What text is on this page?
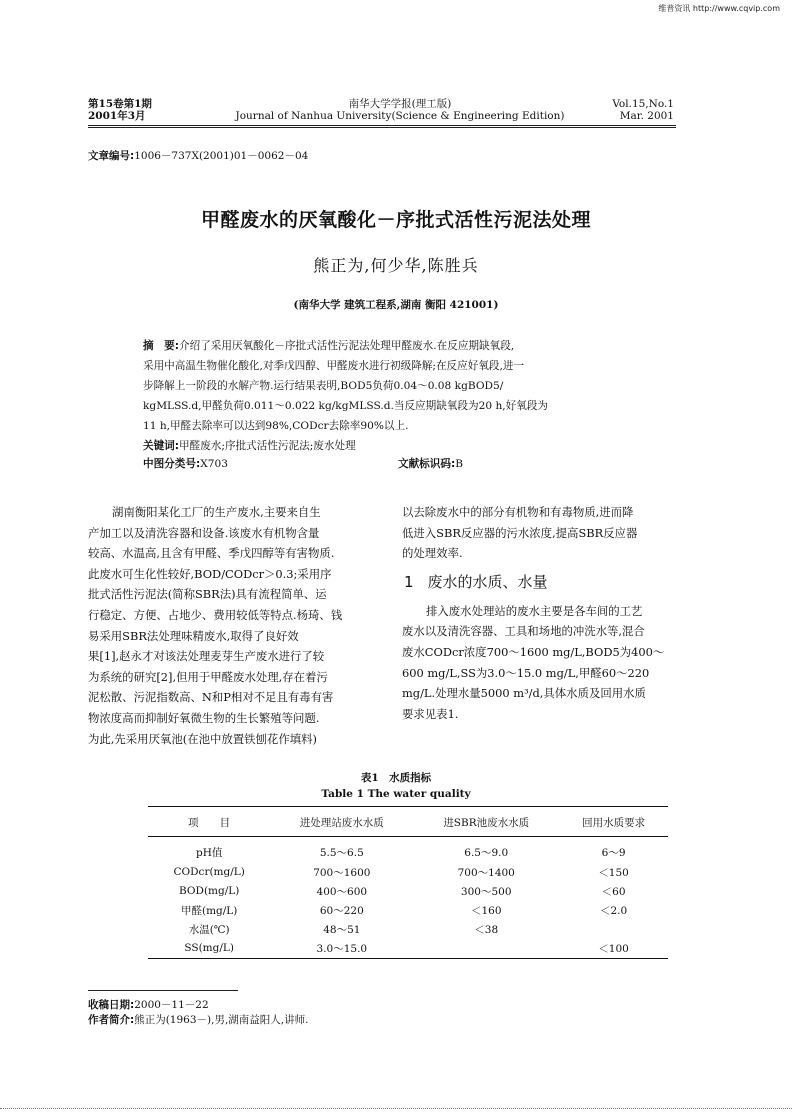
维普资讯 http://www.cqvip.com
第15卷第1期
2001年3月
南华大学学报(理工版)
Journal of Nanhua University(Science & Engineering Edition)
Vol.15,No.1
Mar. 2001
文章编号:1006－737X(2001)01－0062－04
甲醛废水的厌氧酸化－序批式活性污泥法处理
熊正为,何少华,陈胜兵
(南华大学 建筑工程系,湖南 衡阳 421001)
摘　要:介绍了采用厌氧酸化－序批式活性污泥法处理甲醛废水.在反应期缺氧段,
采用中高温生物催化酸化,对季戊四醇、甲醛废水进行初级降解;在反应好氧段,进一
步降解上一阶段的水解产物.运行结果表明,BOD5负荷0.04～0.08 kgBOD5/
kgMLSS.d,甲醛负荷0.011～0.022 kg/kgMLSS.d.当反应期缺氧段为20 h,好氧段为
11 h,甲醛去除率可以达到98%,CODcr去除率90%以上.
关键词:甲醛废水;序批式活性污泥法;废水处理
中图分类号:X703	文献标识码:B
湖南衡阳某化工厂的生产废水,主要来自生
产加工以及清洗容器和设备.该废水有机物含量
较高、水温高,且含有甲醛、季戊四醇等有害物质.
此废水可生化性较好,BOD/CODcr＞0.3;采用序
批式活性污泥法(简称SBR法)具有流程简单、运
行稳定、方便、占地少、费用较低等特点.杨琦、钱
易采用SBR法处理味精废水,取得了良好效
果[1],赵永才对该法处理麦芽生产废水进行了较
为系统的研究[2],但用于甲醛废水处理,存在着污
泥松散、污泥指数高、N和P相对不足且有毒有害
物浓度高而抑制好氧微生物的生长繁殖等问题.
为此,先采用厌氧池(在池中放置铁刨花作填料)
以去除废水中的部分有机物和有毒物质,进而降
低进入SBR反应器的污水浓度,提高SBR反应器
的处理效率.
1 废水的水质、水量
排入废水处理站的废水主要是各车间的工艺
废水以及清洗容器、工具和场地的冲洗水等,混合
废水CODcr浓度700～1600 mg/L,BOD5为400～
600 mg/L,SS为3.0～15.0 mg/L,甲醛60～220
mg/L.处理水量5000 m³/d,具体水质及回用水质
要求见表1.
表1　水质指标
Table 1 The water quality
项　　目	进处理站废水水质	进SBR池废水水质	回用水质要求
pH值	5.5～6.5	6.5～9.0	6～9
CODcr(mg/L)	700～1600	700～1400	＜150
BOD(mg/L)	400～600	300～500	＜60
甲醛(mg/L)	60～220	＜160	＜2.0
水温(℃)	48～51	＜38	
SS(mg/L)	3.0～15.0		＜100
收稿日期:2000－11－22
作者简介:熊正为(1963－),男,湖南益阳人,讲师.
